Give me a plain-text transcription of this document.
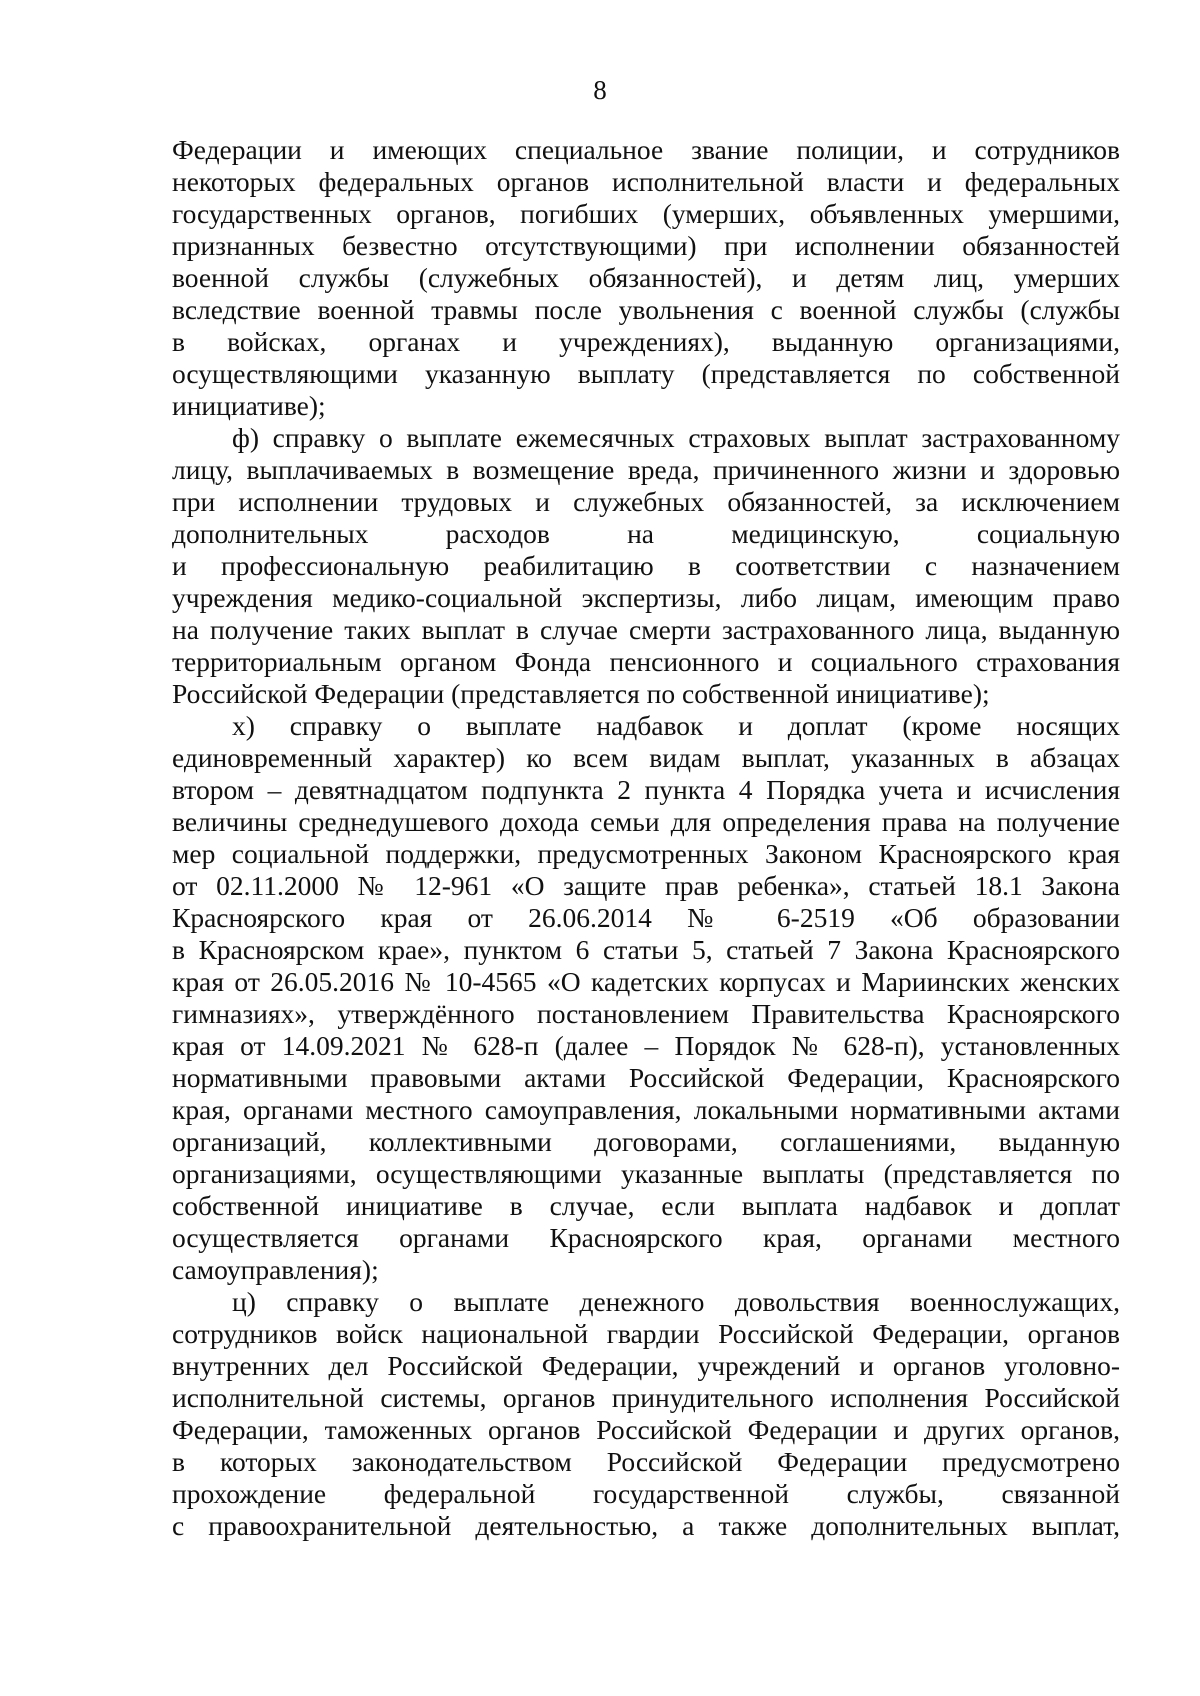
8
Федерации и имеющих специальное звание полиции, и сотрудников
некоторых федеральных органов исполнительной власти и федеральных
государственных органов, погибших (умерших, объявленных умершими,
признанных безвестно отсутствующими) при исполнении обязанностей
военной службы (служебных обязанностей), и детям лиц, умерших
вследствие военной травмы после увольнения с военной службы (службы
в войсках, органах и учреждениях), выданную организациями,
осуществляющими указанную выплату (представляется по собственной
инициативе);
ф) справку о выплате ежемесячных страховых выплат застрахованному
лицу, выплачиваемых в возмещение вреда, причиненного жизни и здоровью
при исполнении трудовых и служебных обязанностей, за исключением
дополнительных расходов на медицинскую, социальную
и профессиональную реабилитацию в соответствии с назначением
учреждения медико-социальной экспертизы, либо лицам, имеющим право
на получение таких выплат в случае смерти застрахованного лица, выданную
территориальным органом Фонда пенсионного и социального страхования
Российской Федерации (представляется по собственной инициативе);
х) справку о выплате надбавок и доплат (кроме носящих
единовременный характер) ко всем видам выплат, указанных в абзацах
втором – девятнадцатом подпункта 2 пункта 4 Порядка учета и исчисления
величины среднедушевого дохода семьи для определения права на получение
мер социальной поддержки, предусмотренных Законом Красноярского края
от 02.11.2000 № 12-961 «О защите прав ребенка», статьей 18.1 Закона
Красноярского края от 26.06.2014 № 6-2519 «Об образовании
в Красноярском крае», пунктом 6 статьи 5, статьей 7 Закона Красноярского
края от 26.05.2016 № 10-4565 «О кадетских корпусах и Мариинских женских
гимназиях», утверждённого постановлением Правительства Красноярского
края от 14.09.2021 № 628-п (далее – Порядок № 628-п), установленных
нормативными правовыми актами Российской Федерации, Красноярского
края, органами местного самоуправления, локальными нормативными актами
организаций, коллективными договорами, соглашениями, выданную
организациями, осуществляющими указанные выплаты (представляется по
собственной инициативе в случае, если выплата надбавок и доплат
осуществляется органами Красноярского края, органами местного
самоуправления);
ц) справку о выплате денежного довольствия военнослужащих,
сотрудников войск национальной гвардии Российской Федерации, органов
внутренних дел Российской Федерации, учреждений и органов уголовно-
исполнительной системы, органов принудительного исполнения Российской
Федерации, таможенных органов Российской Федерации и других органов,
в которых законодательством Российской Федерации предусмотрено
прохождение федеральной государственной службы, связанной
с правоохранительной деятельностью, а также дополнительных выплат,
